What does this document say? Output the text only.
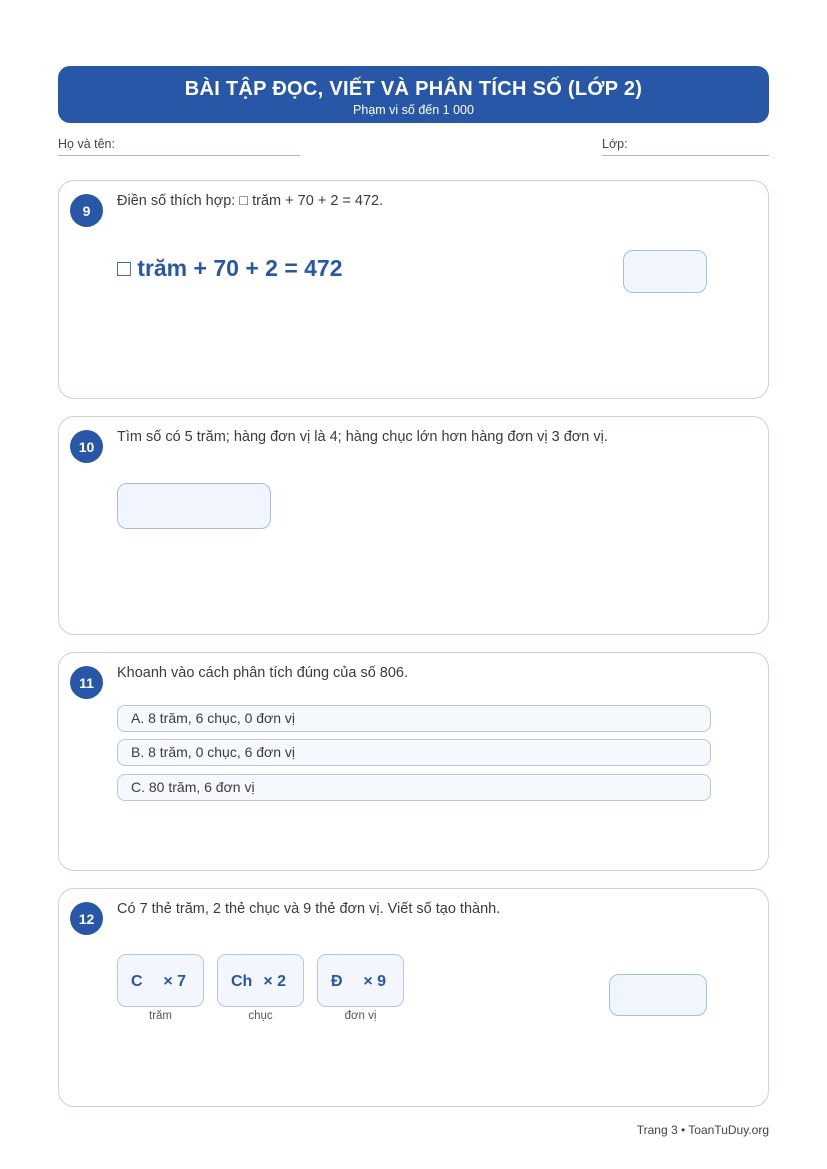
BÀI TẬP ĐỌC, VIẾT VÀ PHÂN TÍCH SỐ (LỚP 2)
Phạm vi số đến 1 000
Họ và tên:	Lớp:
9
Điền số thích hợp: □ trăm + 70 + 2 = 472.
□ trăm + 70 + 2 = 472
10
Tìm số có 5 trăm; hàng đơn vị là 4; hàng chục lớn hơn hàng đơn vị 3 đơn vị.
11
Khoanh vào cách phân tích đúng của số 806.
A. 8 trăm, 6 chục, 0 đơn vị
B. 8 trăm, 0 chục, 6 đơn vị
C. 80 trăm, 6 đơn vị
12
Có 7 thẻ trăm, 2 thẻ chục và 9 thẻ đơn vị. Viết số tạo thành.
C × 7
trăm
Ch × 2
chục
Đ × 9
đơn vị
Trang 3 • ToanTuDuy.org
